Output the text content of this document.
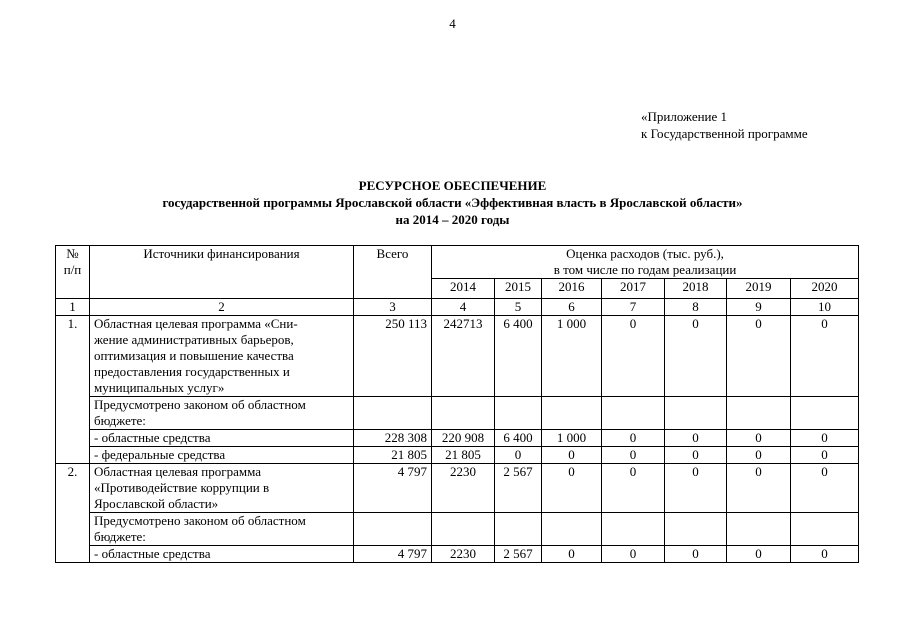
4
«Приложение 1
к Государственной программе
РЕСУРСНОЕ ОБЕСПЕЧЕНИЕ
государственной программы Ярославской области «Эффективная власть в Ярославской области»
на 2014 – 2020 годы
№
п/п	Источники финансирования	Всего	Оценка расходов (тыс. руб.),
в том числе по годам реализации						

			2014	2015	2016	2017	2018	2019	2020
1	2	3	4	5	6	7	8	9	10
1.	Областная целевая программа «Сни-
жение административных барьеров,
оптимизация и повышение качества
предоставления государственных и
муниципальных услуг»	250 113	242713	6 400	1 000	0	0	0	0

	Предусмотрено законом об областном
бюджете:								

	- областные средства	228 308	220 908	6 400	1 000	0	0	0	0

	- федеральные средства	21 805	21 805	0	0	0	0	0	0
2.	Областная целевая программа
«Противодействие коррупции в
Ярославской области»	4 797	2230	2 567	0	0	0	0	0

	Предусмотрено законом об областном
бюджете:								

	- областные средства	4 797	2230	2 567	0	0	0	0	0
